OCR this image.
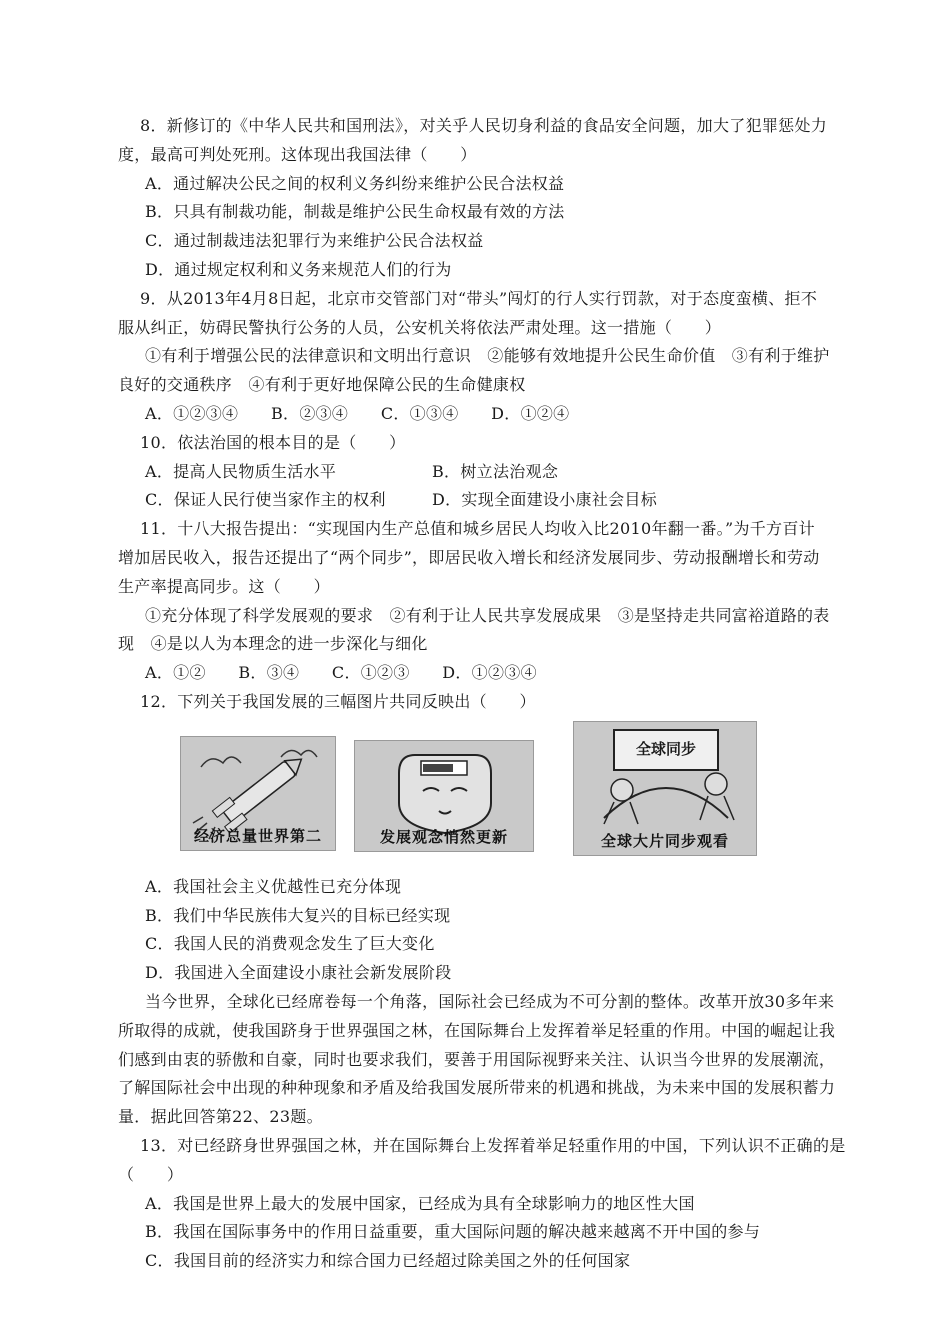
8．新修订的《中华人民共和国刑法》，对关乎人民切身利益的食品安全问题，加大了犯罪惩处力
度，最高可判处死刑。这体现出我国法律（　　）
A．通过解决公民之间的权利义务纠纷来维护公民合法权益
B．只具有制裁功能，制裁是维护公民生命权最有效的方法
C．通过制裁违法犯罪行为来维护公民合法权益
D．通过规定权利和义务来规范人们的行为
9．从2013年4月8日起，北京市交管部门对“带头”闯灯的行人实行罚款，对于态度蛮横、拒不
服从纠正，妨碍民警执行公务的人员，公安机关将依法严肃处理。这一措施（　　）
①有利于增强公民的法律意识和文明出行意识　②能够有效地提升公民生命价值　③有利于维护
良好的交通秩序　④有利于更好地保障公民的生命健康权
A．①②③④　　B．②③④　　C．①③④　　D．①②④
10．依法治国的根本目的是（　　）
A．提高人民物质生活水平	B．树立法治观念
C．保证人民行使当家作主的权利	D．实现全面建设小康社会目标
11．十八大报告提出：“实现国内生产总值和城乡居民人均收入比2010年翻一番。”为千方百计
增加居民收入，报告还提出了“两个同步”，即居民收入增长和经济发展同步、劳动报酬增长和劳动
生产率提高同步。这（　　）
①充分体现了科学发展观的要求　②有利于让人民共享发展成果　③是坚持走共同富裕道路的表
现　④是以人为本理念的进一步深化与细化
A．①②　　B．③④　　C．①②③　　D．①②③④
12．下列关于我国发展的三幅图片共同反映出（　　）
经济总量世界第二	发展观念悄然更新
全球同步
全球大片同步观看
A．我国社会主义优越性已充分体现
B．我们中华民族伟大复兴的目标已经实现
C．我国人民的消费观念发生了巨大变化
D．我国进入全面建设小康社会新发展阶段
当今世界，全球化已经席卷每一个角落，国际社会已经成为不可分割的整体。改革开放30多年来
所取得的成就，使我国跻身于世界强国之林，在国际舞台上发挥着举足轻重的作用。中国的崛起让我
们感到由衷的骄傲和自豪，同时也要求我们，要善于用国际视野来关注、认识当今世界的发展潮流，
了解国际社会中出现的种种现象和矛盾及给我国发展所带来的机遇和挑战，为未来中国的发展积蓄力
量．据此回答第22、23题。
13．对已经跻身世界强国之林，并在国际舞台上发挥着举足轻重作用的中国，下列认识不正确的是
（　　）
A．我国是世界上最大的发展中国家，已经成为具有全球影响力的地区性大国
B．我国在国际事务中的作用日益重要，重大国际问题的解决越来越离不开中国的参与
C．我国目前的经济实力和综合国力已经超过除美国之外的任何国家
